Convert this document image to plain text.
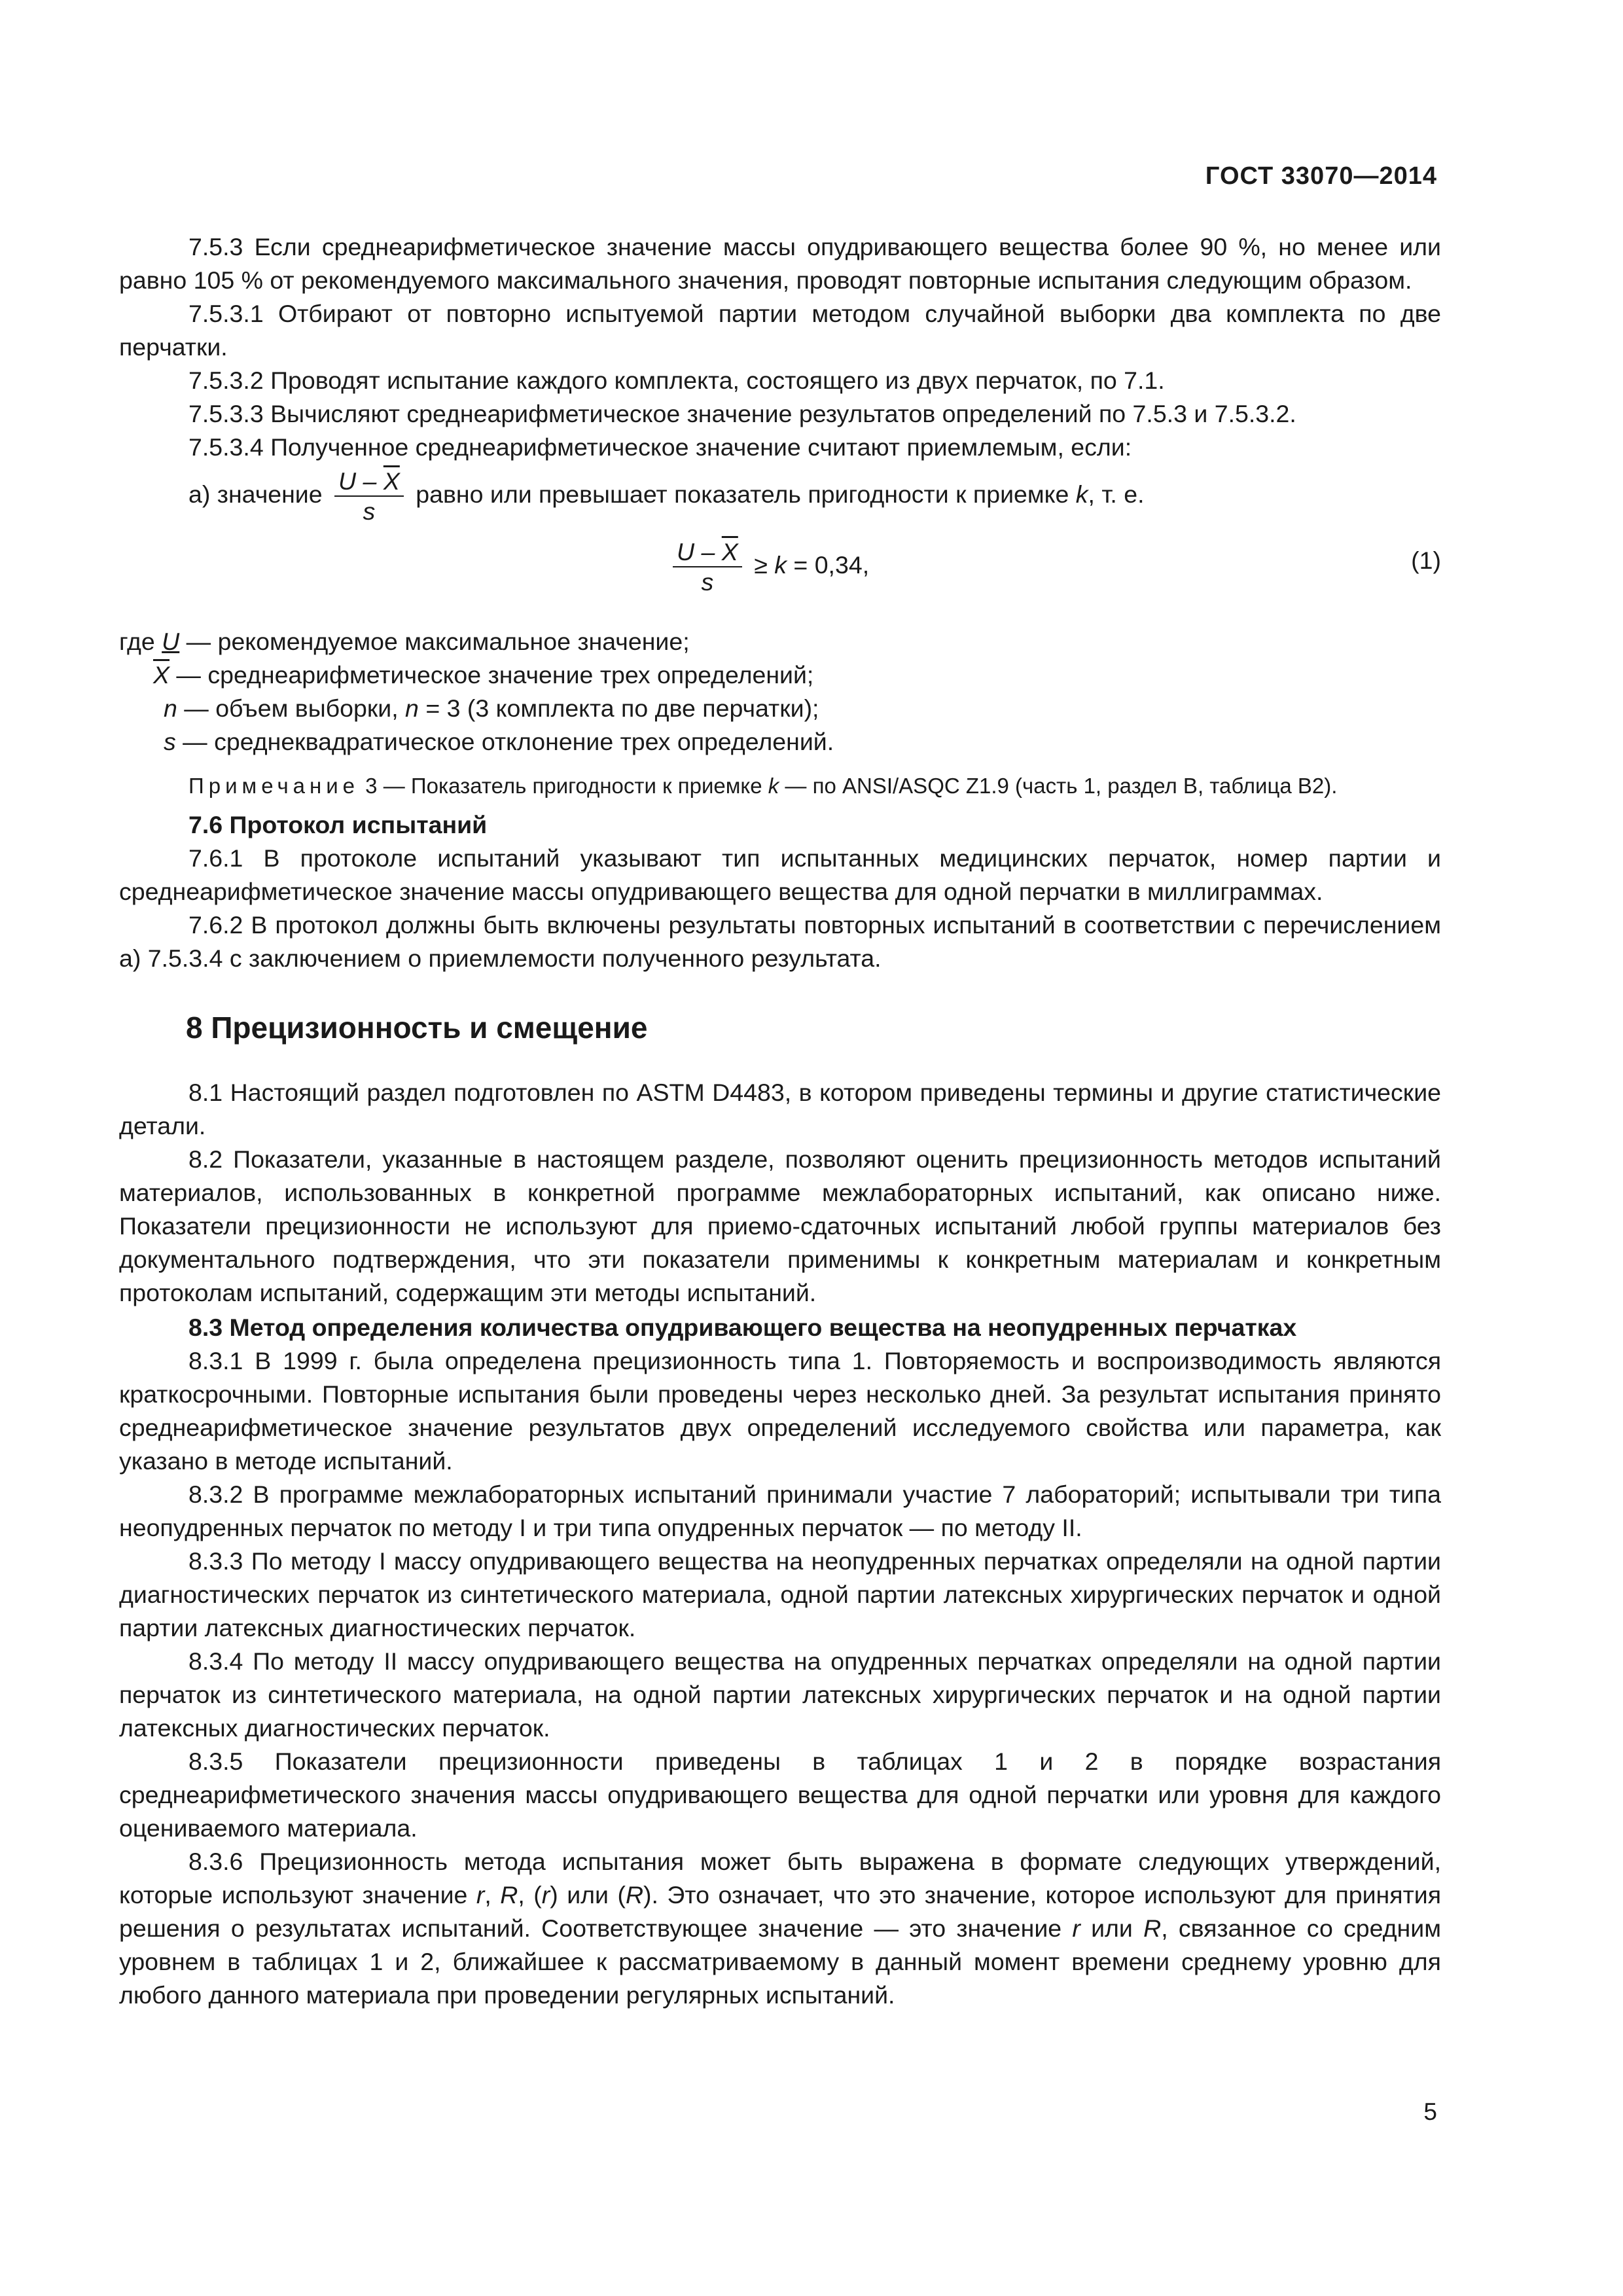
ГОСТ 33070—2014

7.5.3 Если среднеарифметическое значение массы опудривающего вещества более 90 %, но менее или равно 105 % от рекомендуемого максимального значения, проводят повторные испытания следующим образом.

7.5.3.1 Отбирают от повторно испытуемой партии методом случайной выборки два комплекта по две перчатки.

7.5.3.2 Проводят испытание каждого комплекта, состоящего из двух перчаток, по 7.1.

7.5.3.3 Вычисляют среднеарифметическое значение результатов определений по 7.5.3 и 7.5.3.2.

7.5.3.4 Полученное среднеарифметическое значение считают приемлемым, если:

а) значение $\frac{U - \overline{X}}{s}$ равно или превышает показатель пригодности к приемке k, т. е.

$\frac{U - \overline{X}}{s} \ge k = 0,34$,	(1)
где U — рекомендуемое максимальное значение;
$\overline{X}$ — среднеарифметическое значение трех определений;
n — объем выборки, n = 3 (3 комплекта по две перчатки);
s — среднеквадратическое отклонение трех определений.

Примечание 3 — Показатель пригодности к приемке k — по ANSI/ASQC Z1.9 (часть 1, раздел B, таблица В2).

7.6 Протокол испытаний

7.6.1 В протоколе испытаний указывают тип испытанных медицинских перчаток, номер партии и среднеарифметическое значение массы опудривающего вещества для одной перчатки в миллиграммах.

7.6.2 В протокол должны быть включены результаты повторных испытаний в соответствии с перечислением а) 7.5.3.4 с заключением о приемлемости полученного результата.

8 Прецизионность и смещение

8.1 Настоящий раздел подготовлен по ASTM D4483, в котором приведены термины и другие статистические детали.

8.2 Показатели, указанные в настоящем разделе, позволяют оценить прецизионность методов испытаний материалов, использованных в конкретной программе межлабораторных испытаний, как описано ниже. Показатели прецизионности не используют для приемо-сдаточных испытаний любой группы материалов без документального подтверждения, что эти показатели применимы к конкретным материалам и конкретным протоколам испытаний, содержащим эти методы испытаний.

8.3 Метод определения количества опудривающего вещества на неопудренных перчатках

8.3.1 В 1999 г. была определена прецизионность типа 1. Повторяемость и воспроизводимость являются краткосрочными. Повторные испытания были проведены через несколько дней. За результат испытания принято среднеарифметическое значение результатов двух определений исследуемого свойства или параметра, как указано в методе испытаний.

8.3.2 В программе межлабораторных испытаний принимали участие 7 лабораторий; испытывали три типа неопудренных перчаток по методу I и три типа опудренных перчаток — по методу II.

8.3.3 По методу I массу опудривающего вещества на неопудренных перчатках определяли на одной партии диагностических перчаток из синтетического материала, одной партии латексных хирургических перчаток и одной партии латексных диагностических перчаток.

8.3.4 По методу II массу опудривающего вещества на опудренных перчатках определяли на одной партии перчаток из синтетического материала, на одной партии латексных хирургических перчаток и на одной партии латексных диагностических перчаток.

8.3.5 Показатели прецизионности приведены в таблицах 1 и 2 в порядке возрастания среднеарифметического значения массы опудривающего вещества для одной перчатки или уровня для каждого оцениваемого материала.

8.3.6 Прецизионность метода испытания может быть выражена в формате следующих утверждений, которые используют значение r, R, (r) или (R). Это означает, что это значение, которое используют для принятия решения о результатах испытаний. Соответствующее значение — это значение r или R, связанное со средним уровнем в таблицах 1 и 2, ближайшее к рассматриваемому в данный момент времени среднему уровню для любого данного материала при проведении регулярных испытаний.

5
